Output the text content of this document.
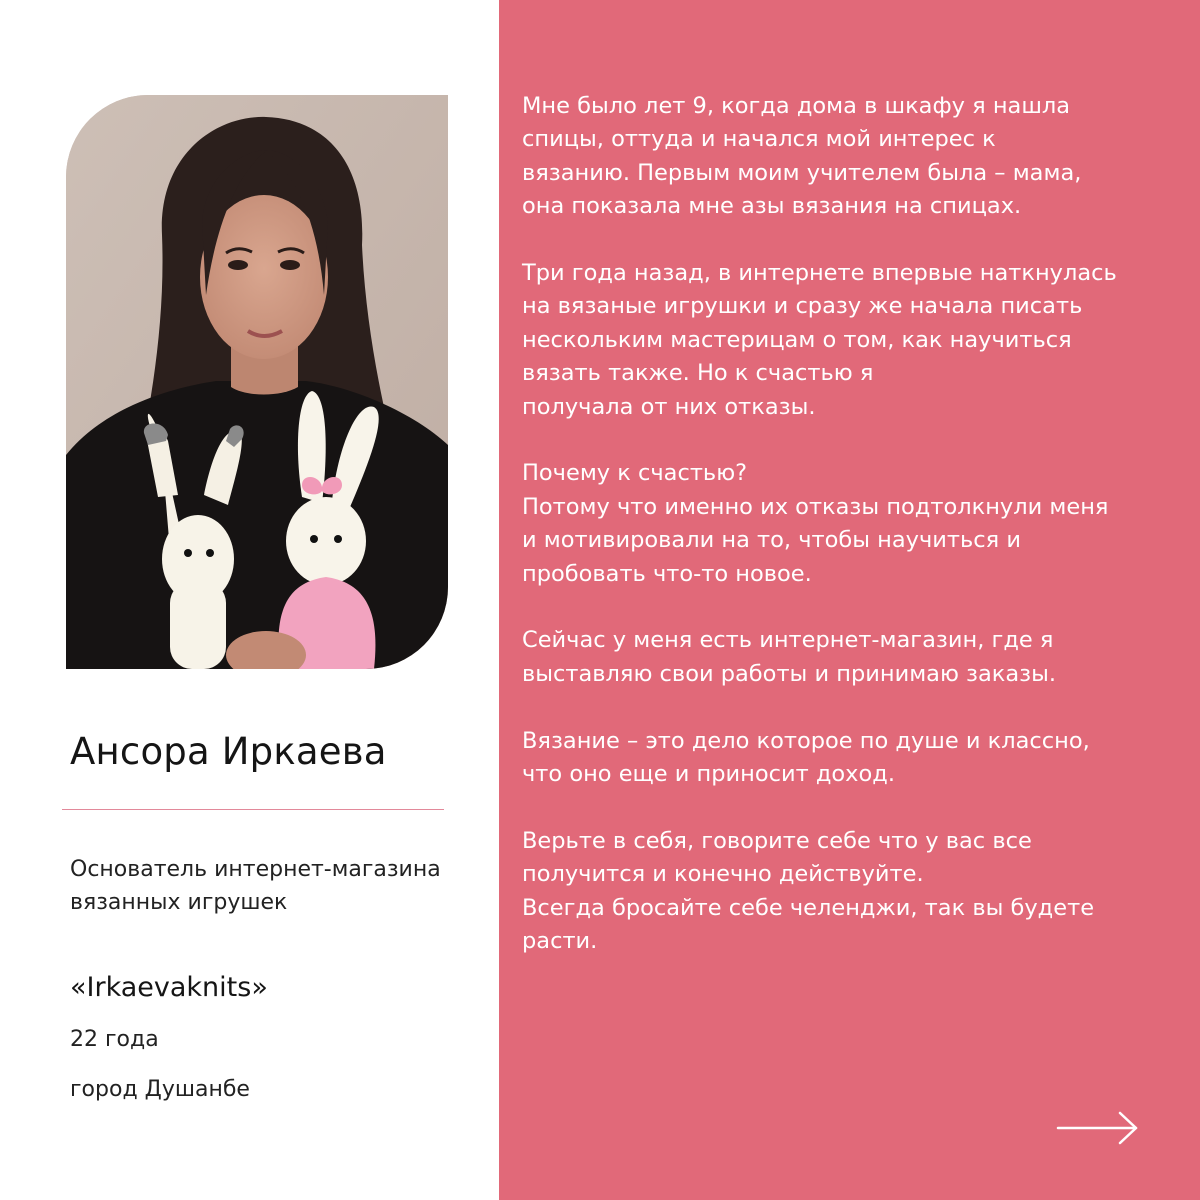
Ансора Иркаева
Основатель интернет-магазина
вязанных игрушек
«Irkaevaknits»
22 года
город Душанбе

Мне было лет 9, когда дома в шкафу я нашла
спицы, оттуда и начался мой интерес к
вязанию. Первым моим учителем была – мама,
она показала мне азы вязания на спицах.

Три года назад, в интернете впервые наткнулась
на вязаные игрушки и сразу же начала писать
нескольким мастерицам о том, как научиться
вязать также. Но к счастью я
получала от них отказы.

Почему к счастью?
Потому что именно их отказы подтолкнули меня
и мотивировали на то, чтобы научиться и
пробовать что-то новое.

Сейчас у меня есть интернет-магазин, где я
выставляю свои работы и принимаю заказы.

Вязание – это дело которое по душе и классно,
что оно еще и приносит доход.

Верьте в себя, говорите себе что у вас все
получится и конечно действуйте.
Всегда бросайте себе челенджи, так вы будете
расти.
